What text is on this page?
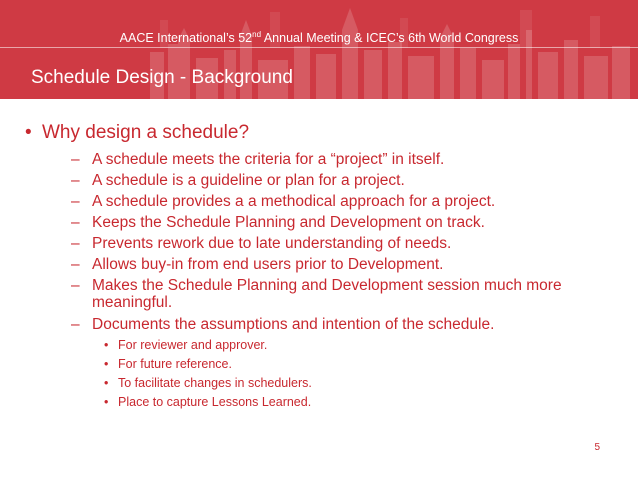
AACE International’s 52nd Annual Meeting & ICEC’s 6th World Congress
Schedule Design - Background
• Why design a schedule?
– A schedule meets the criteria for a “project” in itself.
– A schedule is a guideline or plan for a project.
– A schedule provides a a methodical approach for a project.
– Keeps the Schedule Planning and Development on track.
– Prevents rework due to late understanding of needs.
– Allows buy-in from end users prior to Development.
– Makes the Schedule Planning and Development session much more meaningful.
– Documents the assumptions and intention of the schedule.
• For reviewer and approver.
• For future reference.
• To facilitate changes in schedulers.
• Place to capture Lessons Learned.
5
